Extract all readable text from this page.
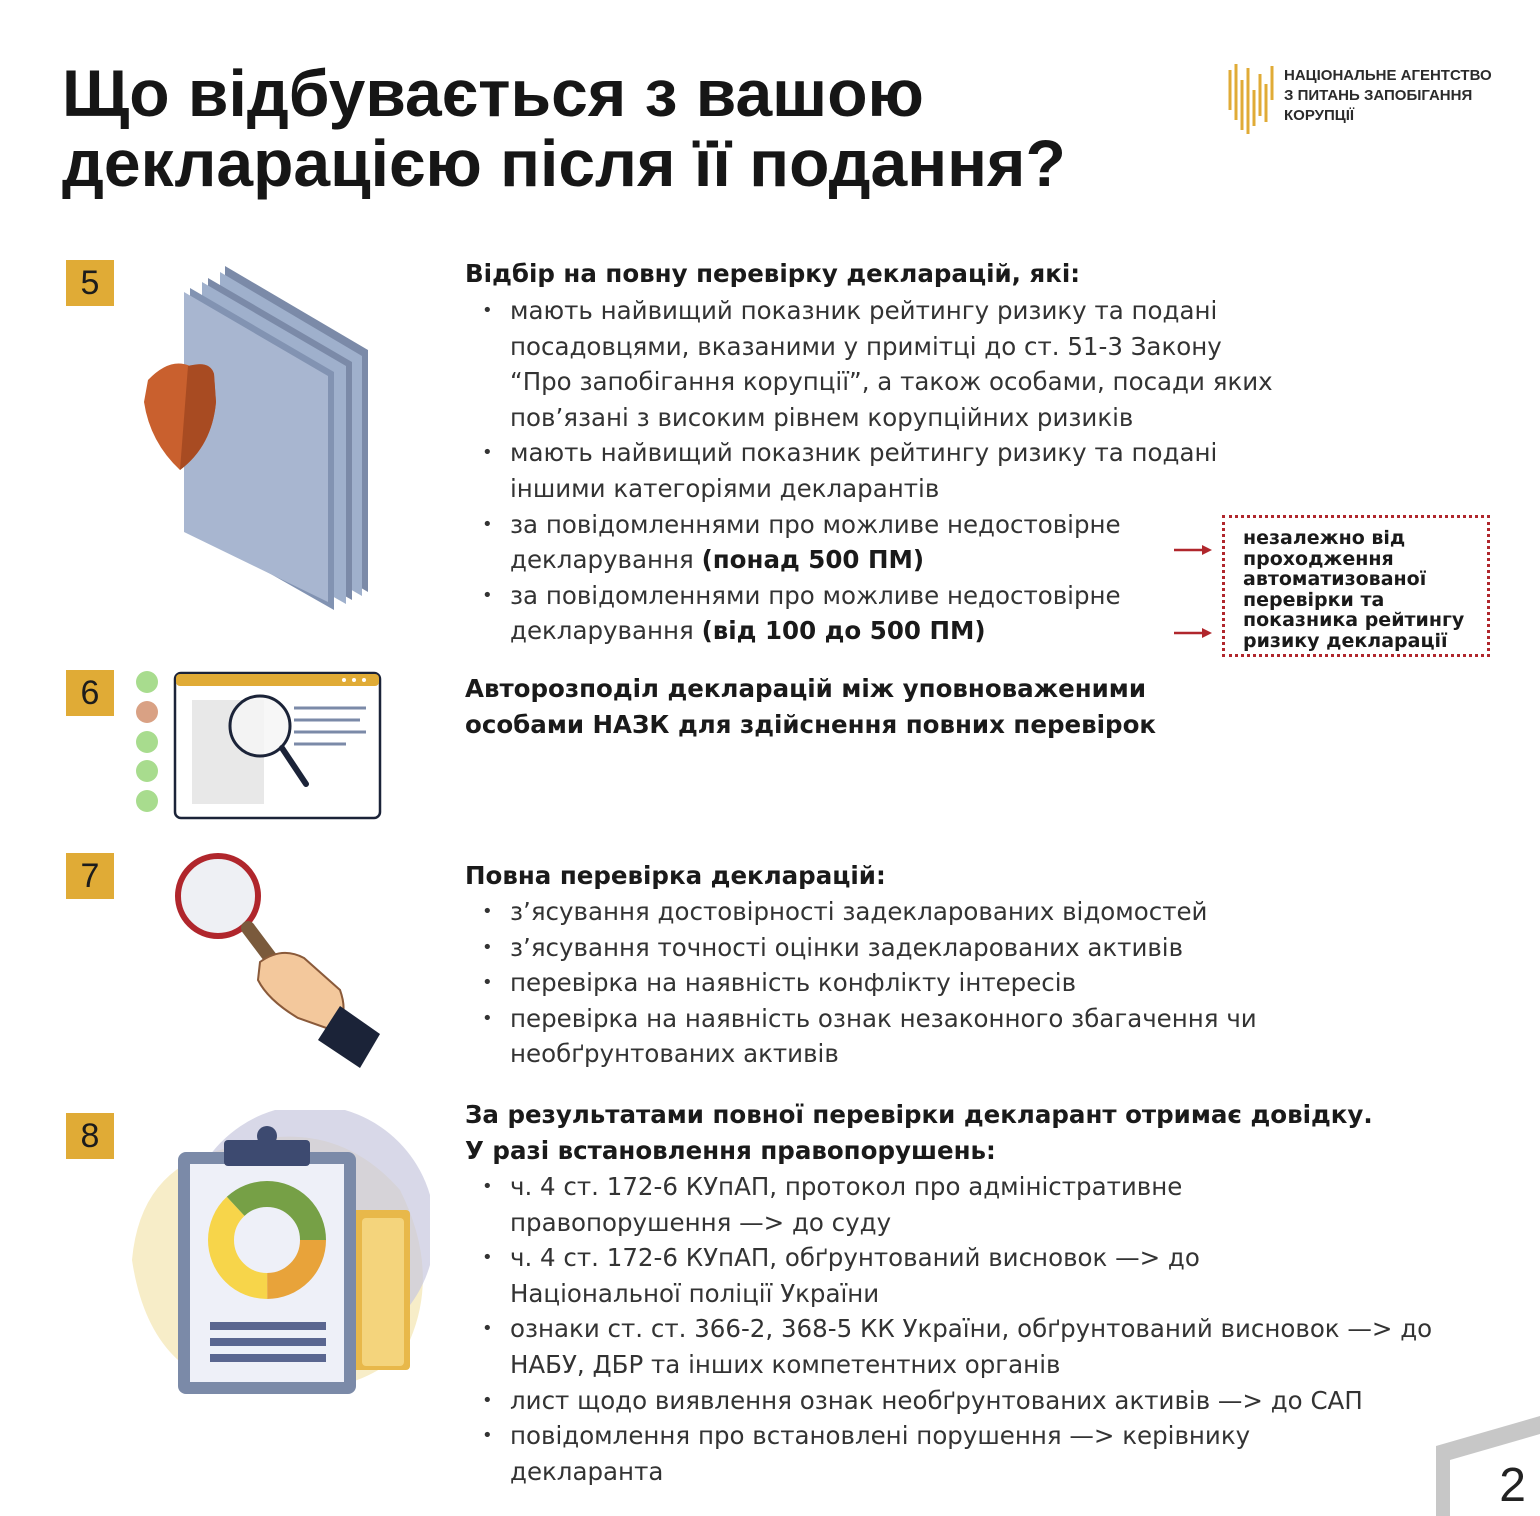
Що відбувається з вашою декларацією після її подання?
НАЦІОНАЛЬНЕ АГЕНТСТВО
З ПИТАНЬ ЗАПОБІГАННЯ
КОРУПЦІЇ
5	Відбір на повну перевірку декларацій, які:
• мають найвищий показник рейтингу ризику та подані посадовцями, вказаними у примітці до ст. 51-3 Закону “Про запобігання корупції”, а також особами, посади яких пов’язані з високим рівнем корупційних ризиків
• мають найвищий показник рейтингу ризику та подані іншими категоріями декларантів
• за повідомленнями про можливе недостовірне декларування (понад 500 ПМ)
• за повідомленнями про можливе недостовірне декларування (від 100 до 500 ПМ)
незалежно від проходження автоматизованої перевірки та показника рейтингу ризику декларації
6	Авторозподіл декларацій між уповноваженими особами НАЗК для здійснення повних перевірок
7	Повна перевірка декларацій:
• з’ясування достовірності задекларованих відомостей
• з’ясування точності оцінки задекларованих активів
• перевірка на наявність конфлікту інтересів
• перевірка на наявність ознак незаконного збагачення чи необґрунтованих активів
8
За результатами повної перевірки декларант отримає довідку.
У разі встановлення правопорушень:
• ч. 4 ст. 172-6 КУпАП, протокол про адміністративне правопорушення —> до суду
• ч. 4 ст. 172-6 КУпАП, обґрунтований висновок —> до Національної поліції України
• ознаки ст. ст. 366-2, 368-5 КК України, обґрунтований висновок —> до НАБУ, ДБР та інших компетентних органів
• лист щодо виявлення ознак необґрунтованих активів —> до САП
• повідомлення про встановлені порушення —> керівнику декларанта	2
